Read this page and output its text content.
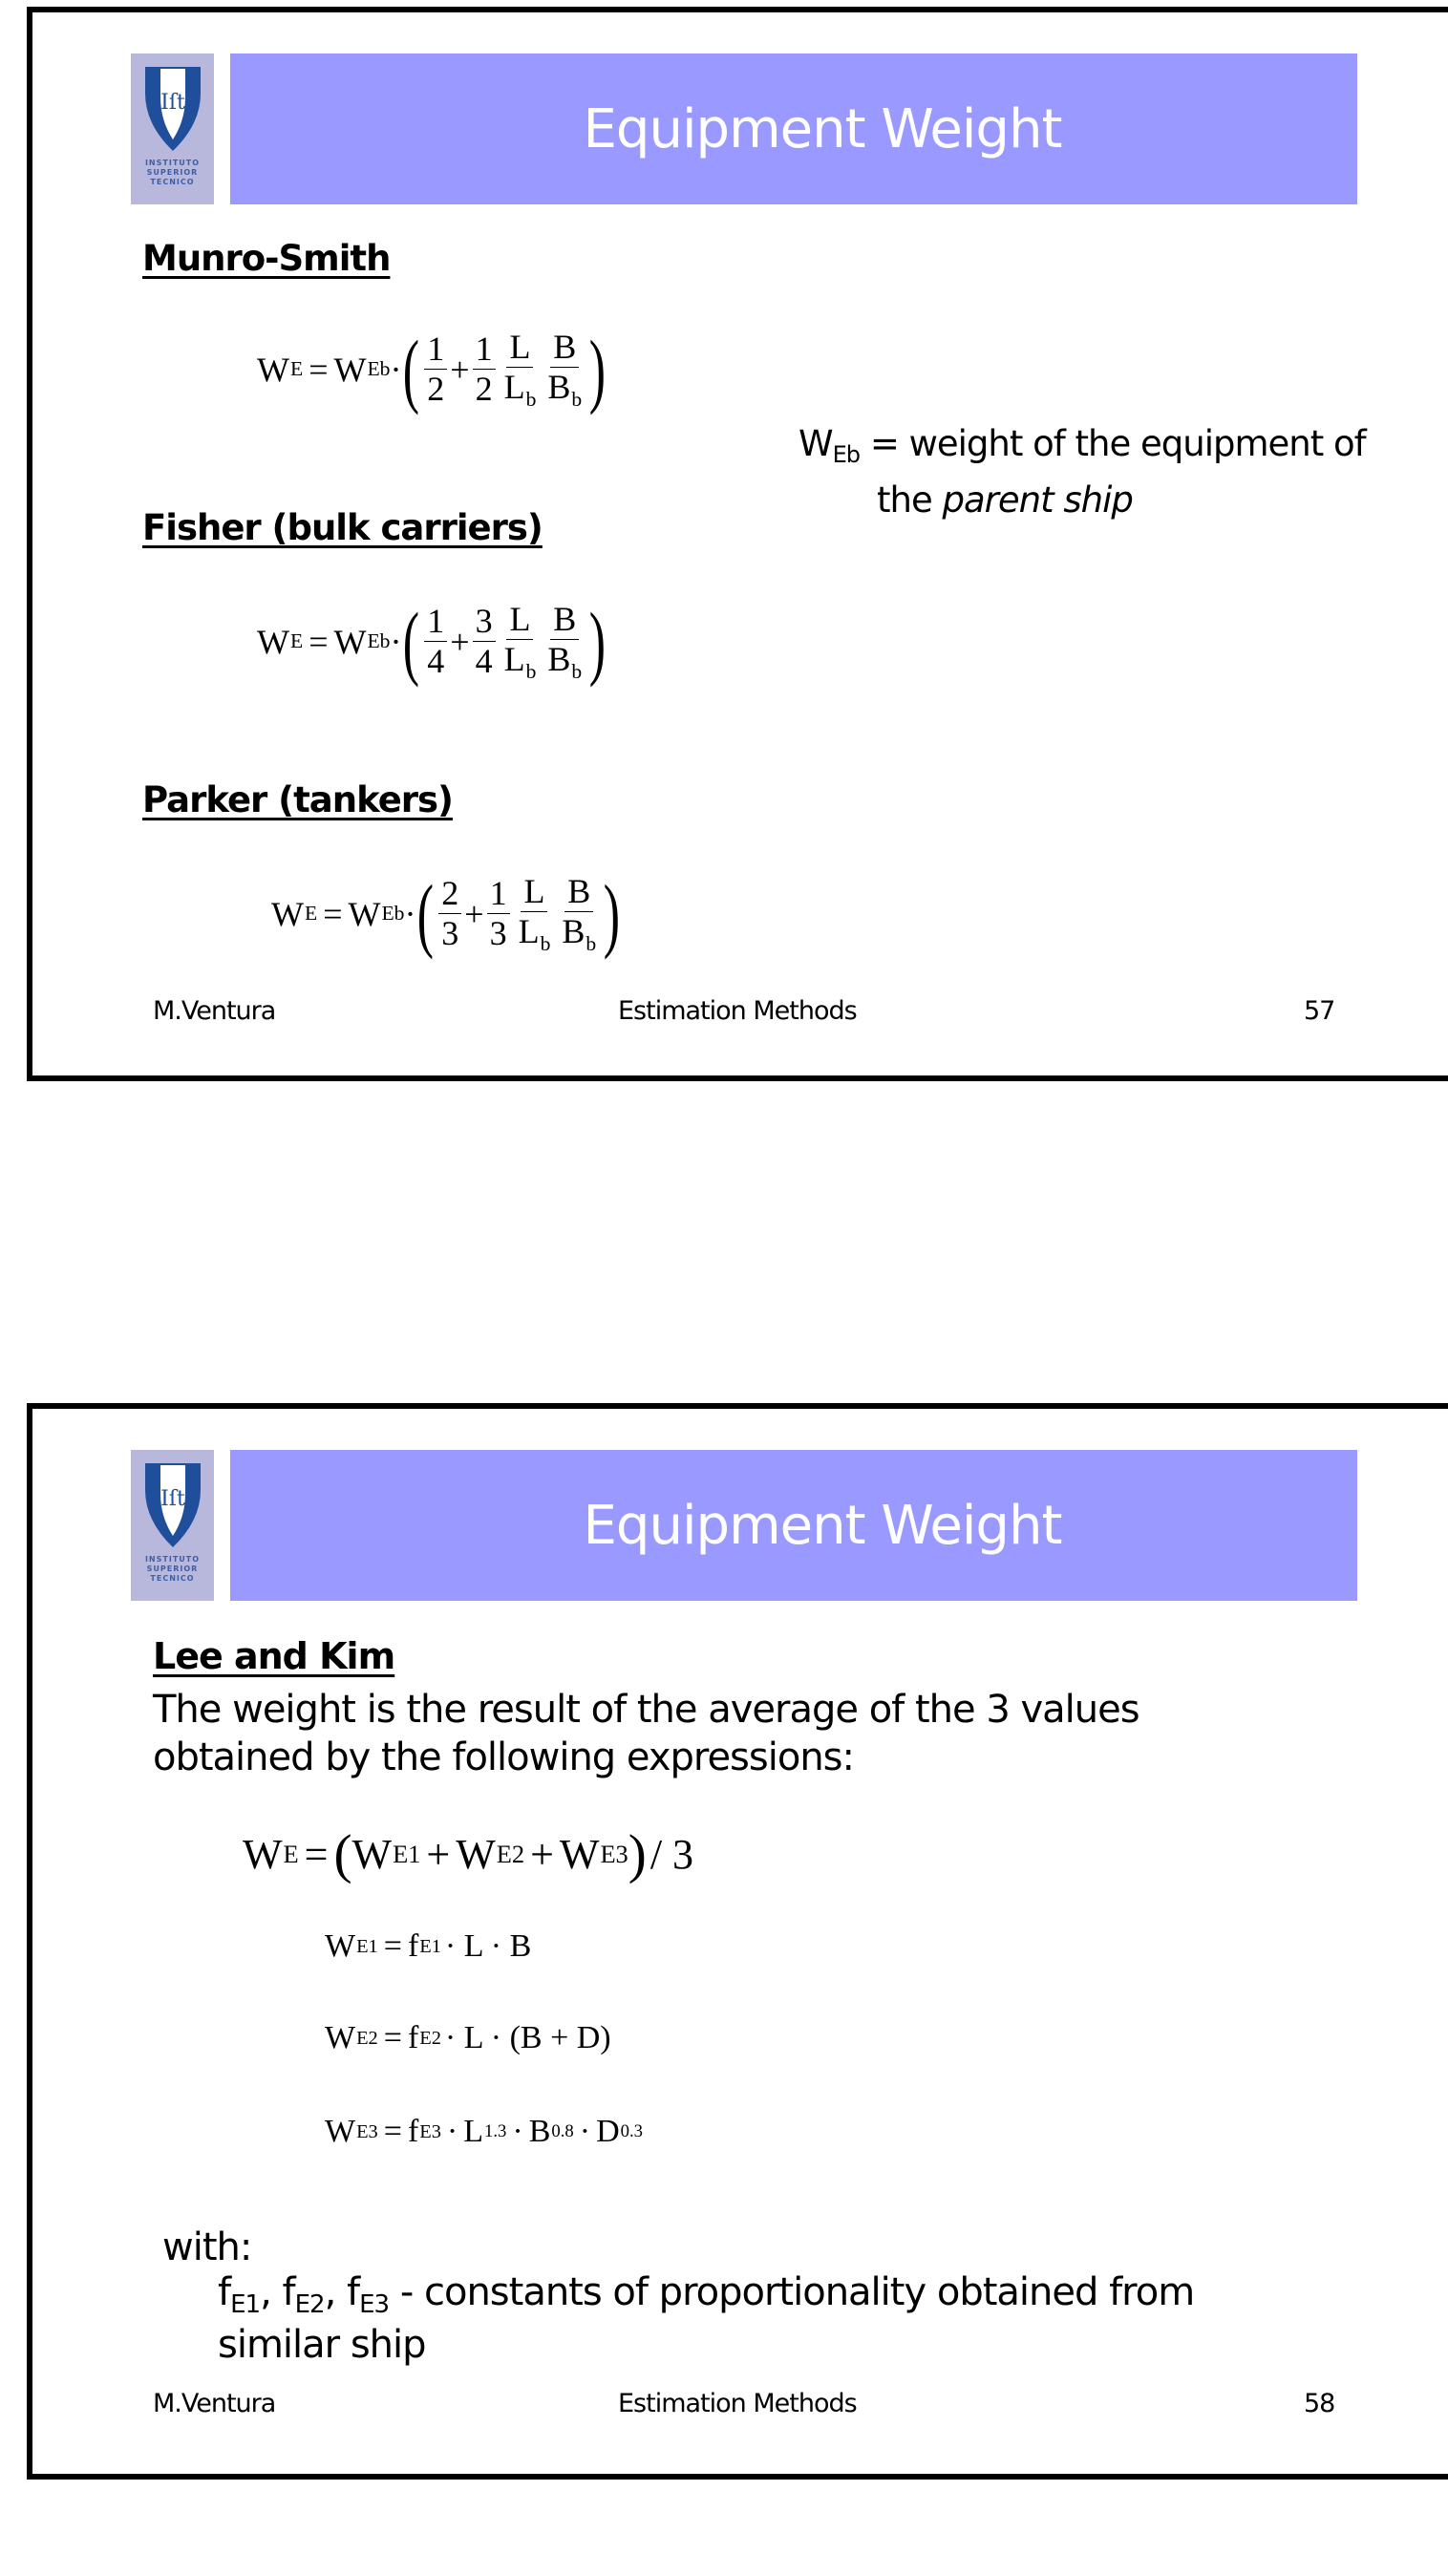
Iſt
INSTITUTO
SUPERIOR
TECNICO
Equipment Weight
Munro-Smith
W E = W Eb · ( $\frac{1}{2} + \frac{1}{2} \frac{L}{L_b} \frac{B}{B_b}$ )
$W_{Eb}$ = weight of the equipment of
the parent ship
Fisher (bulk carriers)
W E = W Eb · ( $\frac{1}{4} + \frac{3}{4} \frac{L}{L_b} \frac{B}{B_b}$ )
Parker (tankers)
W E = W Eb · ( $\frac{2}{3} + \frac{1}{3} \frac{L}{L_b} \frac{B}{B_b}$ )
M.Ventura	Estimation Methods	57
Iſt
INSTITUTO
SUPERIOR
TECNICO
Equipment Weight
Lee and Kim
The weight is the result of the average of the 3 values
obtained by the following expressions:
W E = ( W E1 + W E2 + W E3 ) / 3
W E1 = f E1 · L · B
W E2 = f E2 · L · (B + D)
W E3 = f E3 · L 1.3 · B 0.8 · D 0.3
with:
$f_{E1}$, $f_{E2}$, $f_{E3}$ - constants of proportionality obtained from
similar ship
M.Ventura	Estimation Methods	58
